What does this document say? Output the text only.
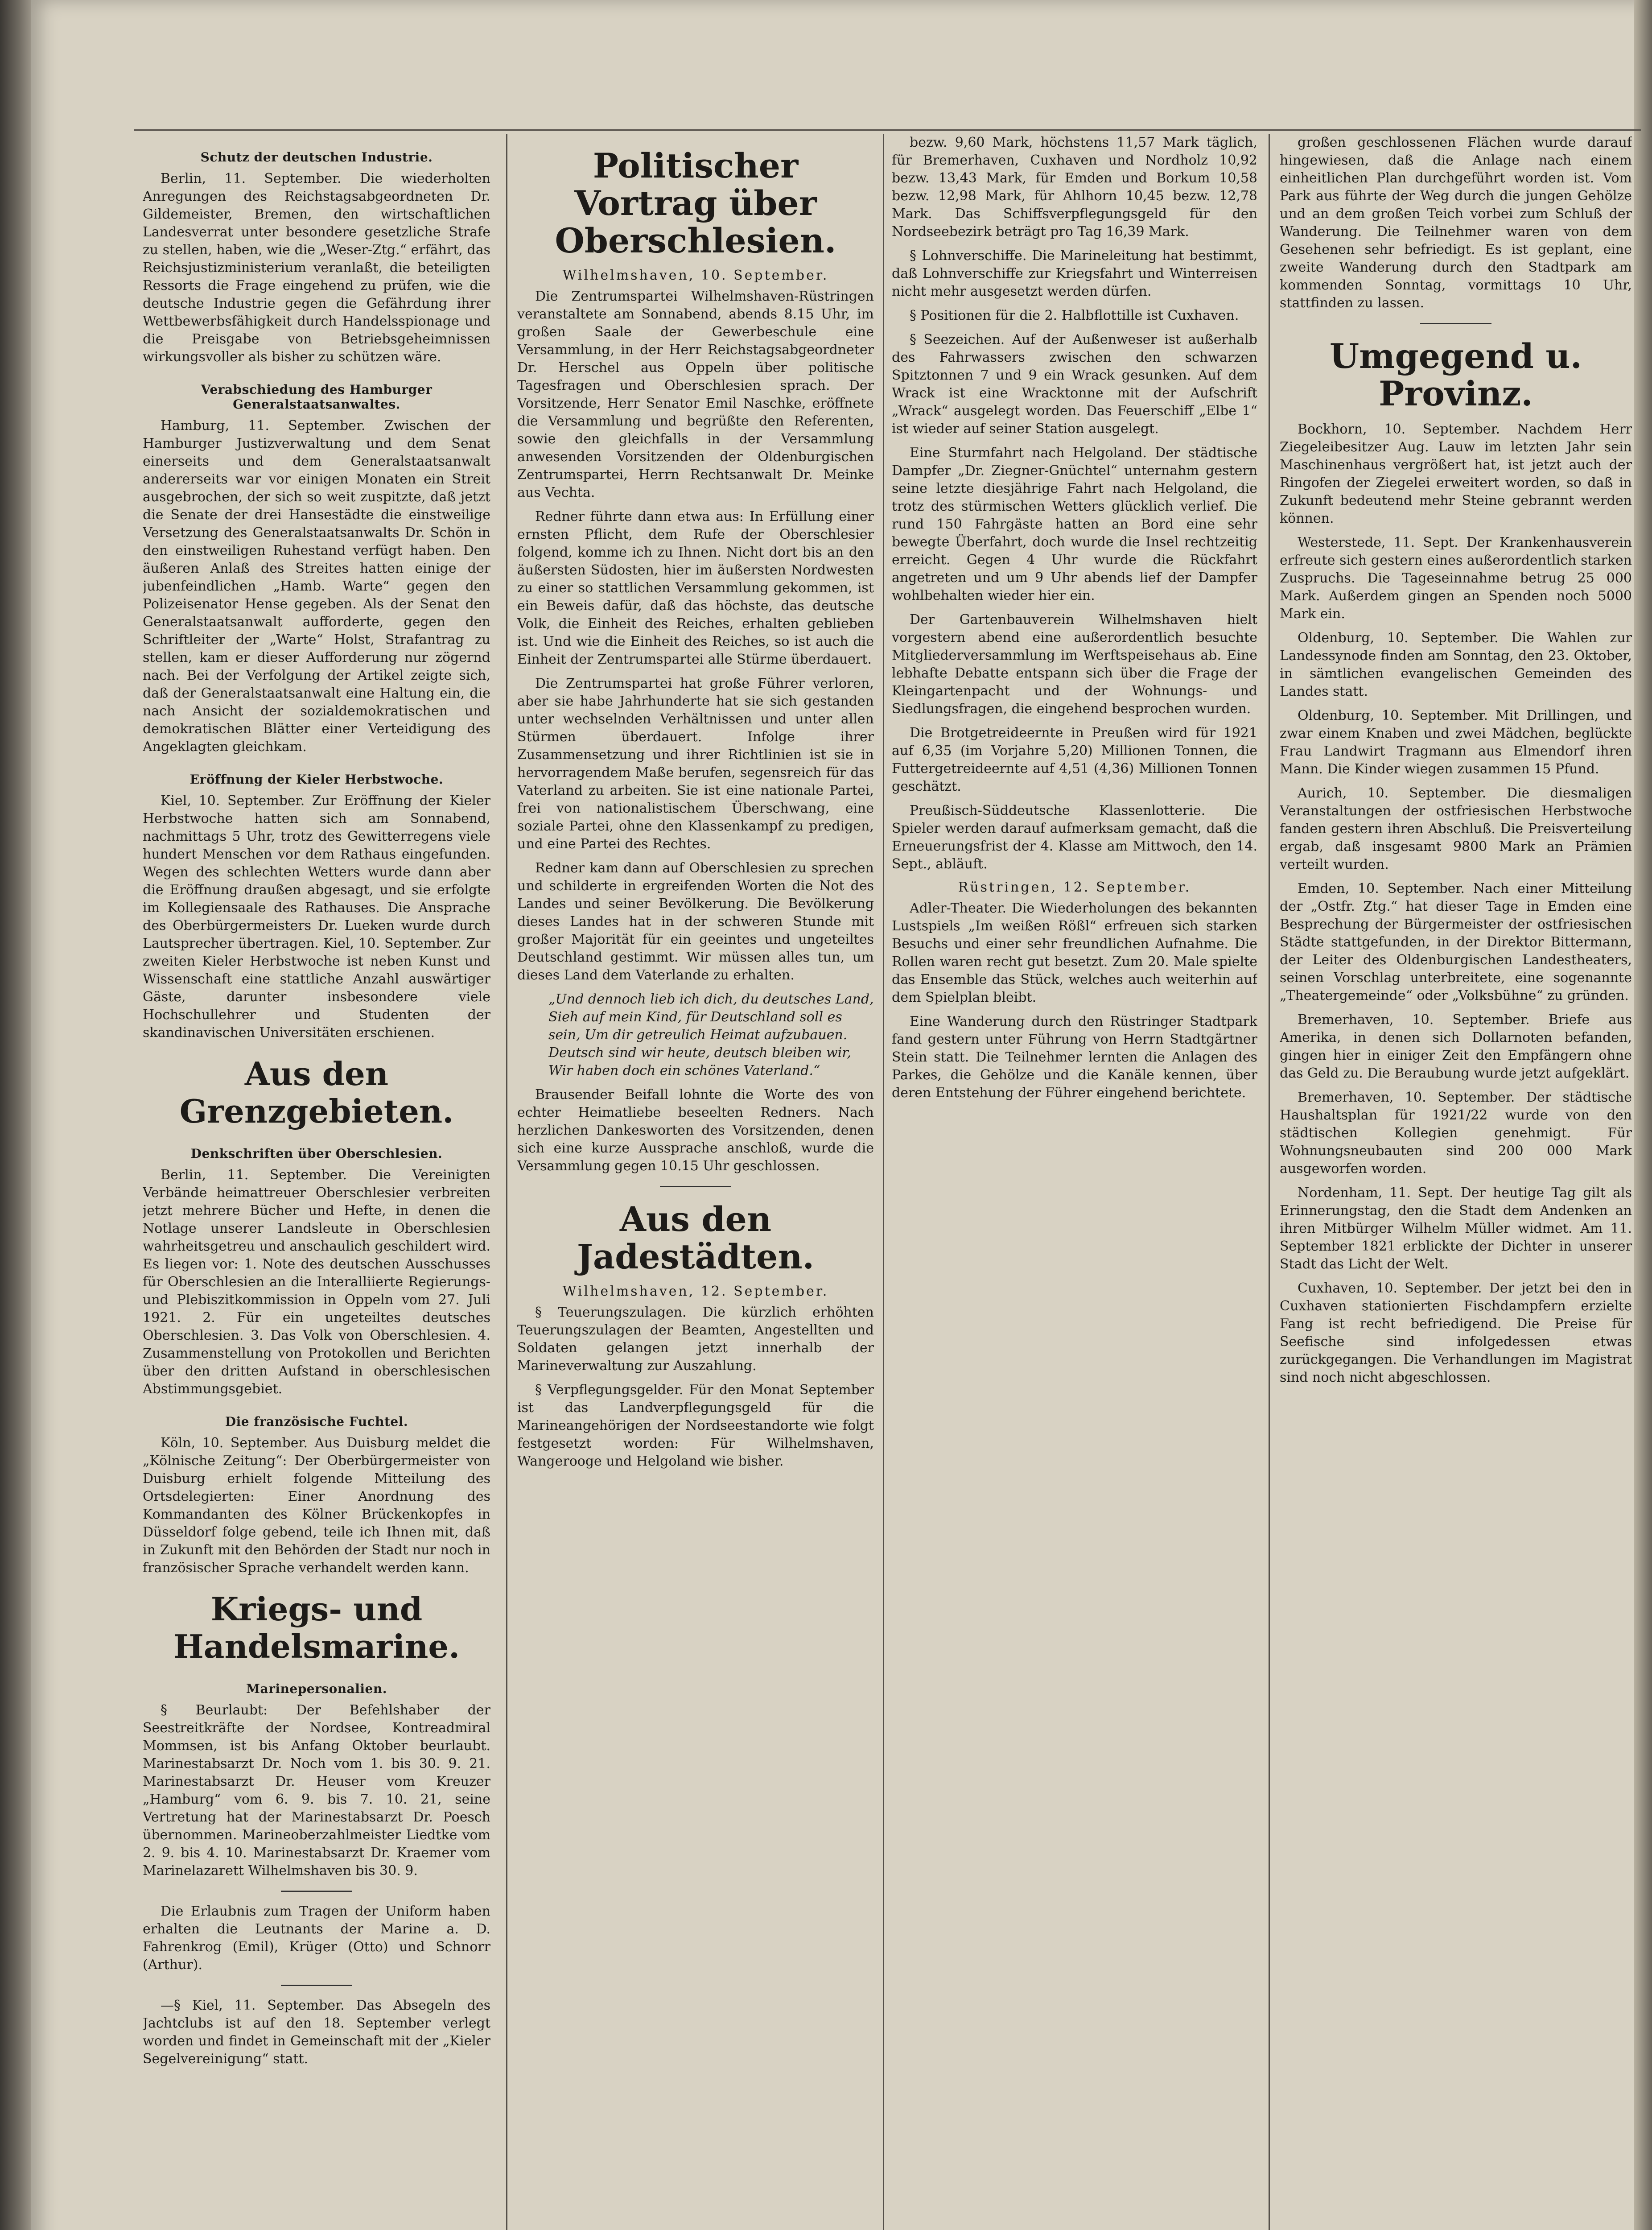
Schutz der deutschen Industrie.

Berlin, 11. September. Die wiederholten Anregungen des Reichstagsabgeordneten Dr. Gildemeister, Bremen, den wirtschaftlichen Landesverrat unter besondere gesetzliche Strafe zu stellen, haben, wie die „Weser-Ztg.“ erfährt, das Reichsjustizministerium veranlaßt, die beteiligten Ressorts die Frage eingehend zu prüfen, wie die deutsche Industrie gegen die Gefährdung ihrer Wettbewerbsfähigkeit durch Handelsspionage und die Preisgabe von Betriebsgeheimnissen wirkungsvoller als bisher zu schützen wäre.

Verabschiedung des Hamburger Generalstaatsanwaltes.

Hamburg, 11. September. Zwischen der Hamburger Justizverwaltung und dem Senat einerseits und dem Generalstaatsanwalt andererseits war vor einigen Monaten ein Streit ausgebrochen, der sich so weit zuspitzte, daß jetzt die Senate der drei Hansestädte die einstweilige Versetzung des Generalstaatsanwalts Dr. Schön in den einstweiligen Ruhestand verfügt haben. Den äußeren Anlaß des Streites hatten einige der jubenfeindlichen „Hamb. Warte“ gegen den Polizeisenator Hense gegeben. Als der Senat den Generalstaatsanwalt aufforderte, gegen den Schriftleiter der „Warte“ Holst, Strafantrag zu stellen, kam er dieser Aufforderung nur zögernd nach. Bei der Verfolgung der Artikel zeigte sich, daß der Generalstaatsanwalt eine Haltung ein, die nach Ansicht der sozialdemokratischen und demokratischen Blätter einer Verteidigung des Angeklagten gleichkam.

Eröffnung der Kieler Herbstwoche.

Kiel, 10. September. Zur Eröffnung der Kieler Herbstwoche hatten sich am Sonnabend, nachmittags 5 Uhr, trotz des Gewitterregens viele hundert Menschen vor dem Rathaus eingefunden. Wegen des schlechten Wetters wurde dann aber die Eröffnung draußen abgesagt, und sie erfolgte im Kollegiensaale des Rathauses. Die Ansprache des Oberbürgermeisters Dr. Lueken wurde durch Lautsprecher übertragen. Kiel, 10. September. Zur zweiten Kieler Herbstwoche ist neben Kunst und Wissenschaft eine stattliche Anzahl auswärtiger Gäste, darunter insbesondere viele Hochschullehrer und Studenten der skandinavischen Universitäten erschienen.

Aus den Grenzgebieten.
Denkschriften über Oberschlesien.

Berlin, 11. September. Die Vereinigten Verbände heimattreuer Oberschlesier verbreiten jetzt mehrere Bücher und Hefte, in denen die Notlage unserer Landsleute in Oberschlesien wahrheitsgetreu und anschaulich geschildert wird. Es liegen vor: 1. Note des deutschen Ausschusses für Oberschlesien an die Interalliierte Regierungs- und Plebiszitkommission in Oppeln vom 27. Juli 1921. 2. Für ein ungeteiltes deutsches Oberschlesien. 3. Das Volk von Oberschlesien. 4. Zusammenstellung von Protokollen und Berichten über den dritten Aufstand in oberschlesischen Abstimmungsgebiet.

Die französische Fuchtel.

Köln, 10. September. Aus Duisburg meldet die „Kölnische Zeitung“: Der Oberbürgermeister von Duisburg erhielt folgende Mitteilung des Ortsdelegierten: Einer Anordnung des Kommandanten des Kölner Brückenkopfes in Düsseldorf folge gebend, teile ich Ihnen mit, daß in Zukunft mit den Behörden der Stadt nur noch in französischer Sprache verhandelt werden kann.

Kriegs- und Handelsmarine.
Marinepersonalien.

§ Beurlaubt: Der Befehlshaber der Seestreitkräfte der Nordsee, Kontreadmiral Mommsen, ist bis Anfang Oktober beurlaubt. Marinestabsarzt Dr. Noch vom 1. bis 30. 9. 21. Marinestabsarzt Dr. Heuser vom Kreuzer „Hamburg“ vom 6. 9. bis 7. 10. 21, seine Vertretung hat der Marinestabsarzt Dr. Poesch übernommen. Marineoberzahlmeister Liedtke vom 2. 9. bis 4. 10. Marinestabsarzt Dr. Kraemer vom Marinelazarett Wilhelmshaven bis 30. 9.

Die Erlaubnis zum Tragen der Uniform haben erhalten die Leutnants der Marine a. D. Fahrenkrog (Emil), Krüger (Otto) und Schnorr (Arthur).

—§ Kiel, 11. September. Das Absegeln des Jachtclubs ist auf den 18. September verlegt worden und findet in Gemeinschaft mit der „Kieler Segelvereinigung“ statt.

Politischer Vortrag über Oberschlesien.
Wilhelmshaven, 10. September.

Die Zentrumspartei Wilhelmshaven-Rüstringen veranstaltete am Sonnabend, abends 8.15 Uhr, im großen Saale der Gewerbeschule eine Versammlung, in der Herr Reichstagsabgeordneter Dr. Herschel aus Oppeln über politische Tagesfragen und Oberschlesien sprach. Der Vorsitzende, Herr Senator Emil Naschke, eröffnete die Versammlung und begrüßte den Referenten, sowie den gleichfalls in der Versammlung anwesenden Vorsitzenden der Oldenburgischen Zentrumspartei, Herrn Rechtsanwalt Dr. Meinke aus Vechta.

Redner führte dann etwa aus: In Erfüllung einer ernsten Pflicht, dem Rufe der Oberschlesier folgend, komme ich zu Ihnen. Nicht dort bis an den äußersten Südosten, hier im äußersten Nordwesten zu einer so stattlichen Versammlung gekommen, ist ein Beweis dafür, daß das höchste, das deutsche Volk, die Einheit des Reiches, erhalten geblieben ist. Und wie die Einheit des Reiches, so ist auch die Einheit der Zentrumspartei alle Stürme überdauert.

Die Zentrumspartei hat große Führer verloren, aber sie habe Jahrhunderte hat sie sich gestanden unter wechselnden Verhältnissen und unter allen Stürmen überdauert. Infolge ihrer Zusammensetzung und ihrer Richtlinien ist sie in hervorragendem Maße berufen, segensreich für das Vaterland zu arbeiten. Sie ist eine nationale Partei, frei von nationalistischem Überschwang, eine soziale Partei, ohne den Klassenkampf zu predigen, und eine Partei des Rechtes.

Redner kam dann auf Oberschlesien zu sprechen und schilderte in ergreifenden Worten die Not des Landes und seiner Bevölkerung. Die Bevölkerung dieses Landes hat in der schweren Stunde mit großer Majorität für ein geeintes und ungeteiltes Deutschland gestimmt. Wir müssen alles tun, um dieses Land dem Vaterlande zu erhalten.

„Und dennoch lieb ich dich, du deutsches Land, Sieh auf mein Kind, für Deutschland soll es sein, Um dir getreulich Heimat aufzubauen. Deutsch sind wir heute, deutsch bleiben wir, Wir haben doch ein schönes Vaterland.“

Brausender Beifall lohnte die Worte des von echter Heimatliebe beseelten Redners. Nach herzlichen Dankesworten des Vorsitzenden, denen sich eine kurze Aussprache anschloß, wurde die Versammlung gegen 10.15 Uhr geschlossen.

Aus den Jadestädten.
Wilhelmshaven, 12. September.

§ Teuerungszulagen. Die kürzlich erhöhten Teuerungszulagen der Beamten, Angestellten und Soldaten gelangen jetzt innerhalb der Marineverwaltung zur Auszahlung.

§ Verpflegungsgelder. Für den Monat September ist das Landverpflegungsgeld für die Marineangehörigen der Nordseestandorte wie folgt festgesetzt worden: Für Wilhelmshaven, Wangerooge und Helgoland wie bisher.

bezw. 9,60 Mark, höchstens 11,57 Mark täglich, für Bremerhaven, Cuxhaven und Nordholz 10,92 bezw. 13,43 Mark, für Emden und Borkum 10,58 bezw. 12,98 Mark, für Ahlhorn 10,45 bezw. 12,78 Mark. Das Schiffsverpflegungsgeld für den Nordseebezirk beträgt pro Tag 16,39 Mark.

§ Lohnverschiffe. Die Marineleitung hat bestimmt, daß Lohnverschiffe zur Kriegsfahrt und Winterreisen nicht mehr ausgesetzt werden dürfen.

§ Positionen für die 2. Halbflottille ist Cuxhaven.

§ Seezeichen. Auf der Außenweser ist außerhalb des Fahrwassers zwischen den schwarzen Spitztonnen 7 und 9 ein Wrack gesunken. Auf dem Wrack ist eine Wracktonne mit der Aufschrift „Wrack“ ausgelegt worden. Das Feuerschiff „Elbe 1“ ist wieder auf seiner Station ausgelegt.

Eine Sturmfahrt nach Helgoland. Der städtische Dampfer „Dr. Ziegner-Gnüchtel“ unternahm gestern seine letzte diesjährige Fahrt nach Helgoland, die trotz des stürmischen Wetters glücklich verlief. Die rund 150 Fahrgäste hatten an Bord eine sehr bewegte Überfahrt, doch wurde die Insel rechtzeitig erreicht. Gegen 4 Uhr wurde die Rückfahrt angetreten und um 9 Uhr abends lief der Dampfer wohlbehalten wieder hier ein.

Der Gartenbauverein Wilhelmshaven hielt vorgestern abend eine außerordentlich besuchte Mitgliederversammlung im Werftspeisehaus ab. Eine lebhafte Debatte entspann sich über die Frage der Kleingartenpacht und der Wohnungs- und Siedlungsfragen, die eingehend besprochen wurden.

Die Brotgetreideernte in Preußen wird für 1921 auf 6,35 (im Vorjahre 5,20) Millionen Tonnen, die Futtergetreideernte auf 4,51 (4,36) Millionen Tonnen geschätzt.

Preußisch-Süddeutsche Klassenlotterie. Die Spieler werden darauf aufmerksam gemacht, daß die Erneuerungsfrist der 4. Klasse am Mittwoch, den 14. Sept., abläuft.

Rüstringen, 12. September.

Adler-Theater. Die Wiederholungen des bekannten Lustspiels „Im weißen Rößl“ erfreuen sich starken Besuchs und einer sehr freundlichen Aufnahme. Die Rollen waren recht gut besetzt. Zum 20. Male spielte das Ensemble das Stück, welches auch weiterhin auf dem Spielplan bleibt.

Eine Wanderung durch den Rüstringer Stadtpark fand gestern unter Führung von Herrn Stadtgärtner Stein statt. Die Teilnehmer lernten die Anlagen des Parkes, die Gehölze und die Kanäle kennen, über deren Entstehung der Führer eingehend berichtete.

großen geschlossenen Flächen wurde darauf hingewiesen, daß die Anlage nach einem einheitlichen Plan durchgeführt worden ist. Vom Park aus führte der Weg durch die jungen Gehölze und an dem großen Teich vorbei zum Schluß der Wanderung. Die Teilnehmer waren von dem Gesehenen sehr befriedigt. Es ist geplant, eine zweite Wanderung durch den Stadtpark am kommenden Sonntag, vormittags 10 Uhr, stattfinden zu lassen.

Umgegend u. Provinz.

Bockhorn, 10. September. Nachdem Herr Ziegeleibesitzer Aug. Lauw im letzten Jahr sein Maschinenhaus vergrößert hat, ist jetzt auch der Ringofen der Ziegelei erweitert worden, so daß in Zukunft bedeutend mehr Steine gebrannt werden können.

Westerstede, 11. Sept. Der Krankenhausverein erfreute sich gestern eines außerordentlich starken Zuspruchs. Die Tageseinnahme betrug 25 000 Mark. Außerdem gingen an Spenden noch 5000 Mark ein.

Oldenburg, 10. September. Die Wahlen zur Landessynode finden am Sonntag, den 23. Oktober, in sämtlichen evangelischen Gemeinden des Landes statt.

Oldenburg, 10. September. Mit Drillingen, und zwar einem Knaben und zwei Mädchen, beglückte Frau Landwirt Tragmann aus Elmendorf ihren Mann. Die Kinder wiegen zusammen 15 Pfund.

Aurich, 10. September. Die diesmaligen Veranstaltungen der ostfriesischen Herbstwoche fanden gestern ihren Abschluß. Die Preisverteilung ergab, daß insgesamt 9800 Mark an Prämien verteilt wurden.

Emden, 10. September. Nach einer Mitteilung der „Ostfr. Ztg.“ hat dieser Tage in Emden eine Besprechung der Bürgermeister der ostfriesischen Städte stattgefunden, in der Direktor Bittermann, der Leiter des Oldenburgischen Landestheaters, seinen Vorschlag unterbreitete, eine sogenannte „Theatergemeinde“ oder „Volksbühne“ zu gründen.

Bremerhaven, 10. September. Briefe aus Amerika, in denen sich Dollarnoten befanden, gingen hier in einiger Zeit den Empfängern ohne das Geld zu. Die Beraubung wurde jetzt aufgeklärt.

Bremerhaven, 10. September. Der städtische Haushaltsplan für 1921/22 wurde von den städtischen Kollegien genehmigt. Für Wohnungsneubauten sind 200 000 Mark ausgeworfen worden.

Nordenham, 11. Sept. Der heutige Tag gilt als Erinnerungstag, den die Stadt dem Andenken an ihren Mitbürger Wilhelm Müller widmet. Am 11. September 1821 erblickte der Dichter in unserer Stadt das Licht der Welt.

Cuxhaven, 10. September. Der jetzt bei den in Cuxhaven stationierten Fischdampfern erzielte Fang ist recht befriedigend. Die Preise für Seefische sind infolgedessen etwas zurückgegangen. Die Verhandlungen im Magistrat sind noch nicht abgeschlossen.
